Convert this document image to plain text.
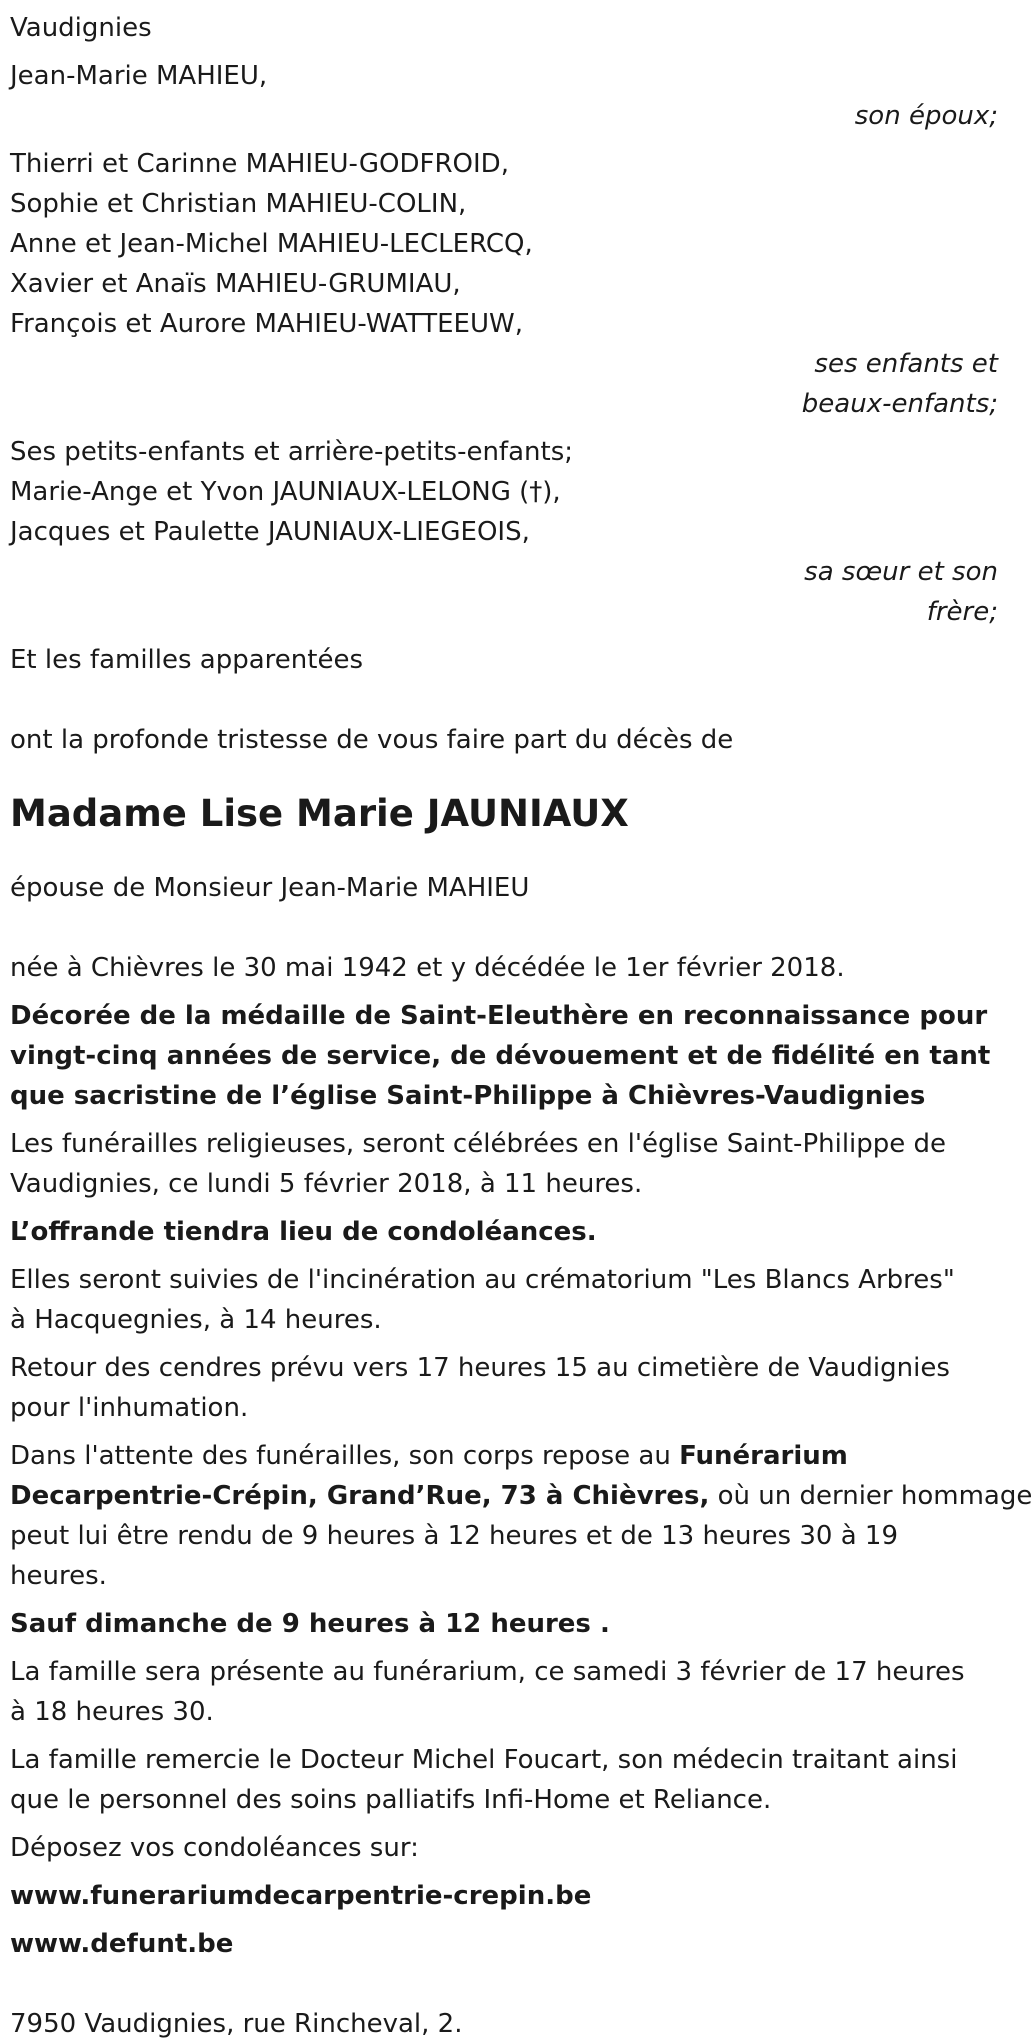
Vaudignies
Jean-Marie MAHIEU,
son époux;
Thierri et Carinne MAHIEU-GODFROID,
Sophie et Christian MAHIEU-COLIN,
Anne et Jean-Michel MAHIEU-LECLERCQ,
Xavier et Anaïs MAHIEU-GRUMIAU,
François et Aurore MAHIEU-WATTEEUW,
ses enfants et
beaux-enfants;
Ses petits-enfants et arrière-petits-enfants;
Marie-Ange et Yvon JAUNIAUX-LELONG (†),
Jacques et Paulette JAUNIAUX-LIEGEOIS,
sa sœur et son
frère;
Et les familles apparentées
ont la profonde tristesse de vous faire part du décès de
Madame Lise Marie JAUNIAUX
épouse de Monsieur Jean-Marie MAHIEU
née à Chièvres le 30 mai 1942 et y décédée le 1er février 2018.
Décorée de la médaille de Saint-Eleuthère en reconnaissance pour
vingt-cinq années de service, de dévouement et de fidélité en tant
que sacristine de l’église Saint-Philippe à Chièvres-Vaudignies
Les funérailles religieuses, seront célébrées en l'église Saint-Philippe de
Vaudignies, ce lundi 5 février 2018, à 11 heures.
L’offrande tiendra lieu de condoléances.
Elles seront suivies de l'incinération au crématorium "Les Blancs Arbres"
à Hacquegnies, à 14 heures.
Retour des cendres prévu vers 17 heures 15 au cimetière de Vaudignies
pour l'inhumation.
Dans l'attente des funérailles, son corps repose au Funérarium
Decarpentrie-Crépin, Grand’Rue, 73 à Chièvres, où un dernier hommage
peut lui être rendu de 9 heures à 12 heures et de 13 heures 30 à 19
heures.
Sauf dimanche de 9 heures à 12 heures .
La famille sera présente au funérarium, ce samedi 3 février de 17 heures
à 18 heures 30.
La famille remercie le Docteur Michel Foucart, son médecin traitant ainsi
que le personnel des soins palliatifs Infi-Home et Reliance.
Déposez vos condoléances sur:
www.funerariumdecarpentrie-crepin.be
www.defunt.be
7950 Vaudignies, rue Rincheval, 2.
